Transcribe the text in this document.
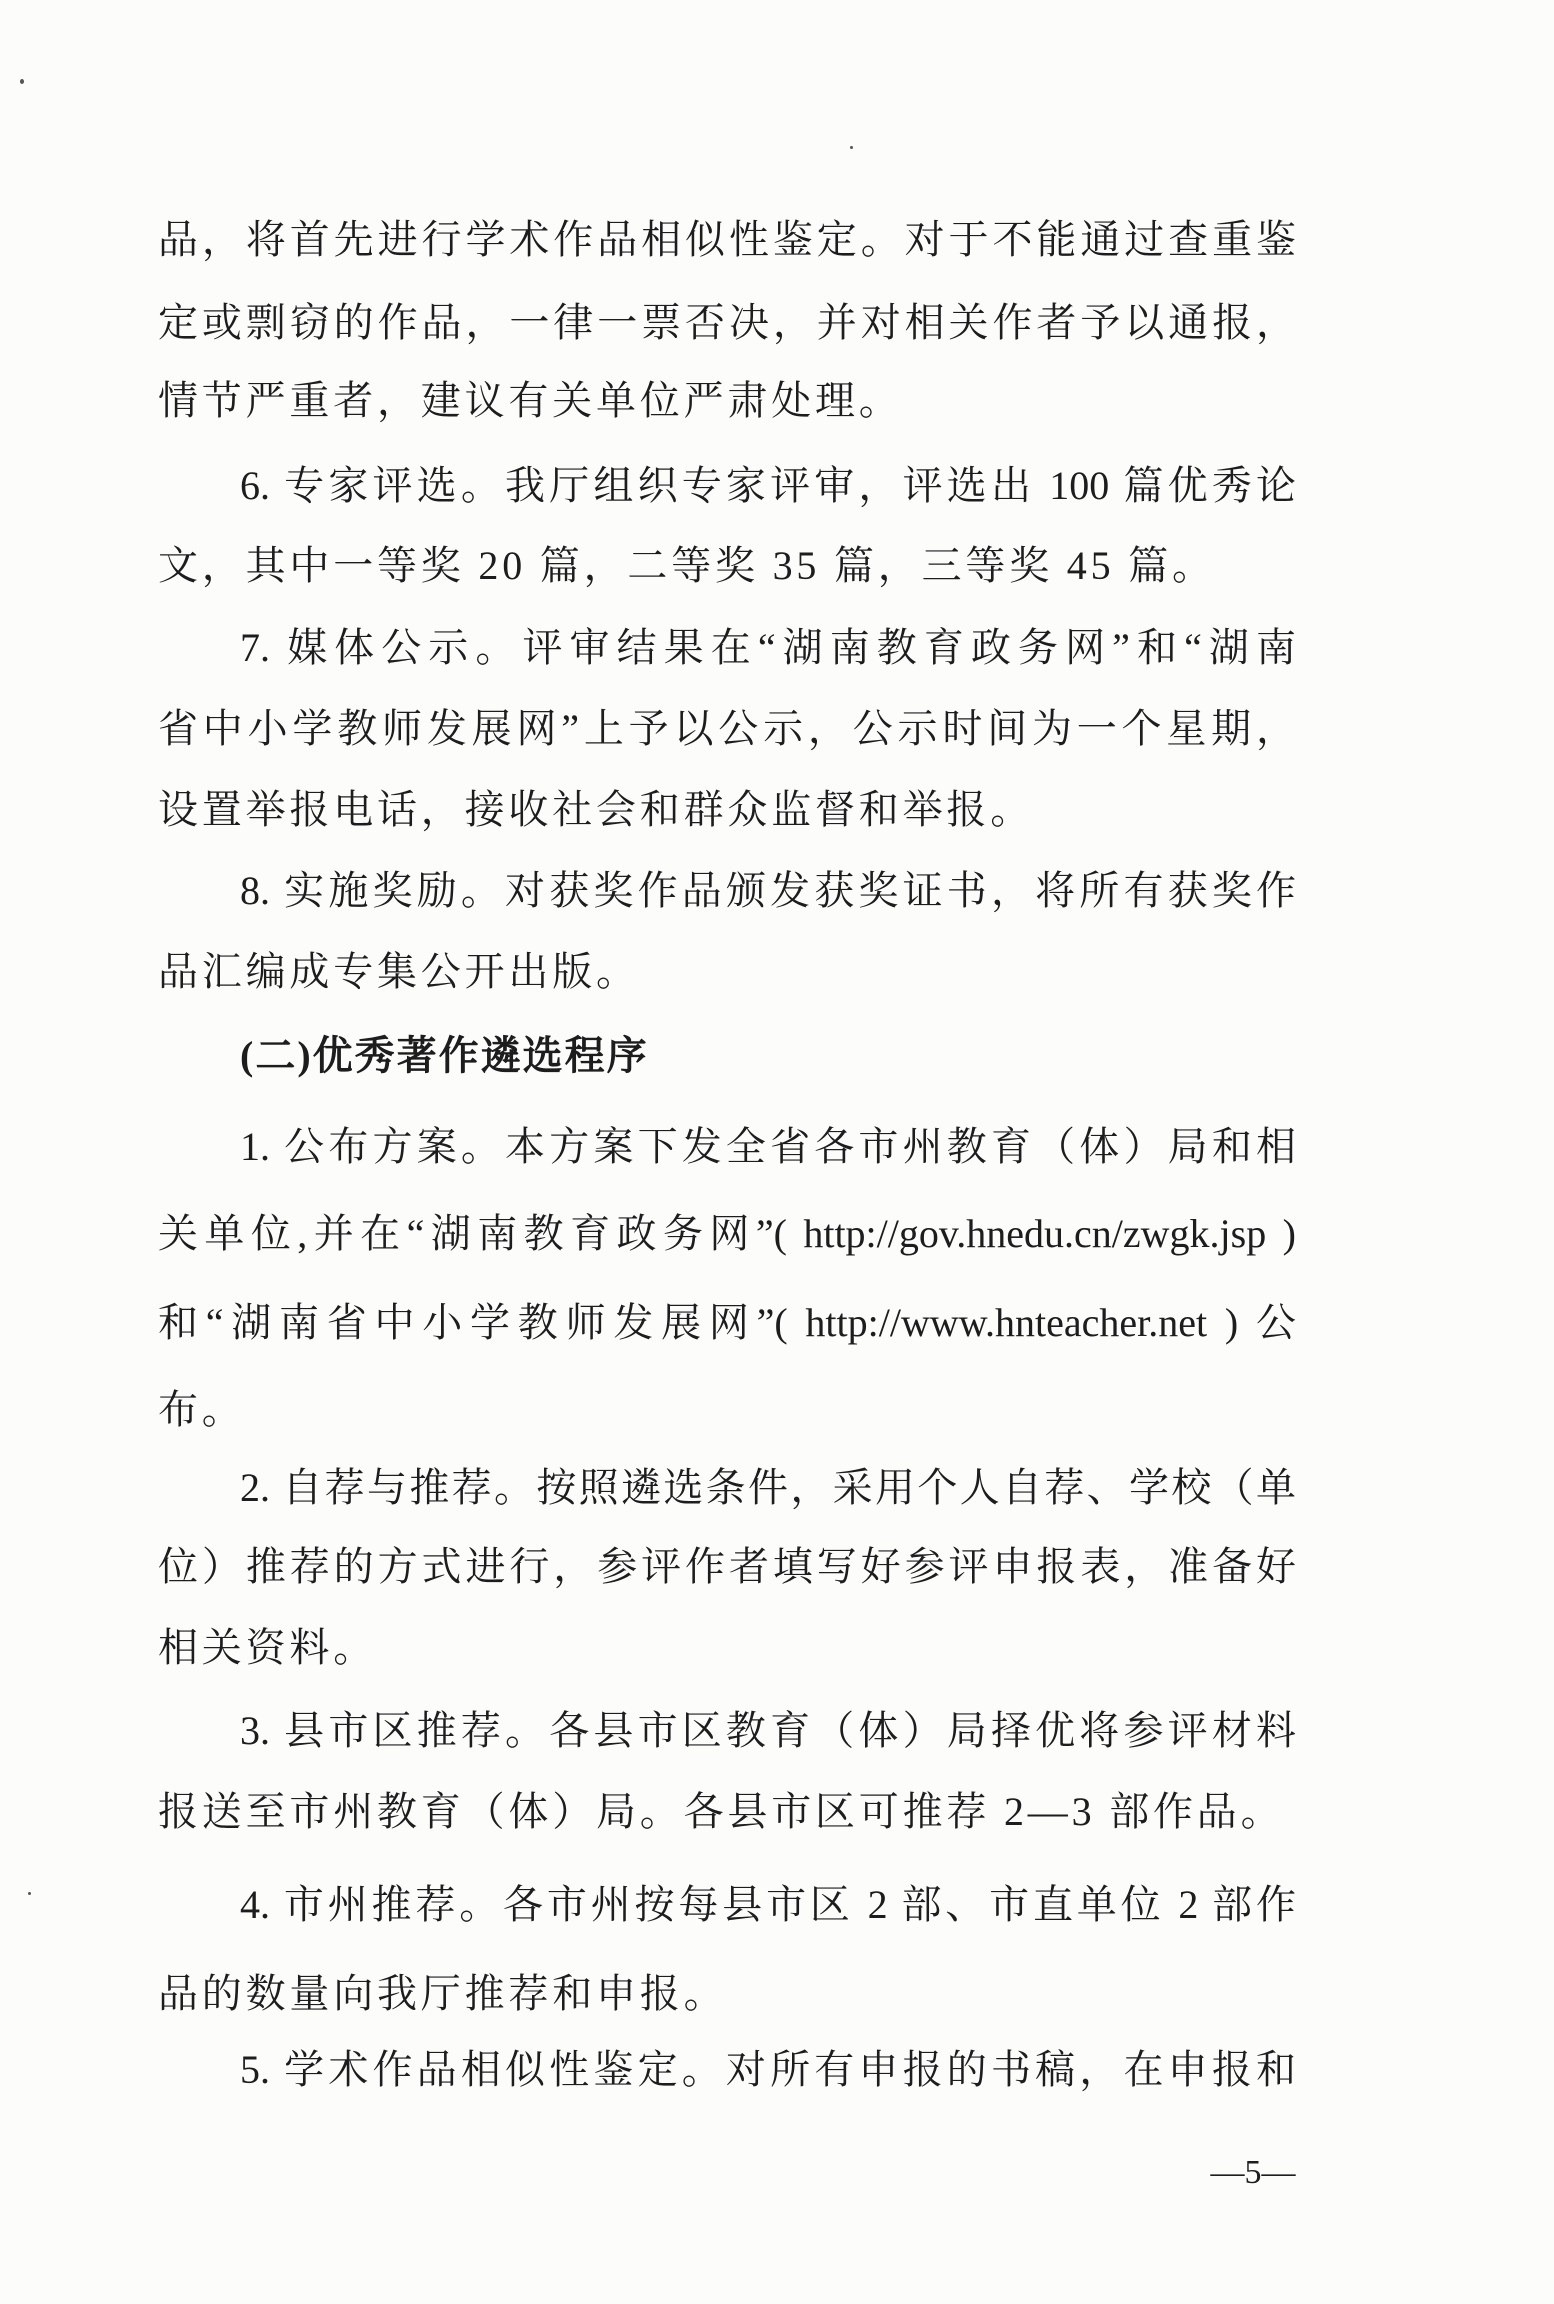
品，将首先进行学术作品相似性鉴定。对于不能通过查重鉴
定或剽窃的作品，一律一票否决，并对相关作者予以通报，
情节严重者，建议有关单位严肃处理。
6. 专家评选。我厅组织专家评审，评选出 100 篇优秀论
文，其中一等奖 20 篇，二等奖 35 篇，三等奖 45 篇。
7. 媒体公示。评审结果在“湖南教育政务网”和“湖南
省中小学教师发展网”上予以公示，公示时间为一个星期，
设置举报电话，接收社会和群众监督和举报。
8. 实施奖励。对获奖作品颁发获奖证书，将所有获奖作
品汇编成专集公开出版。
(二)优秀著作遴选程序
1. 公布方案。本方案下发全省各市州教育（体）局和相
关单位,并在“湖南教育政务网”( http://gov.hnedu.cn/zwgk.jsp )
和“湖南省中小学教师发展网”( http://www.hnteacher.net ) 公
布。
2. 自荐与推荐。按照遴选条件，采用个人自荐、学校（单
位）推荐的方式进行，参评作者填写好参评申报表，准备好
相关资料。
3. 县市区推荐。各县市区教育（体）局择优将参评材料
报送至市州教育（体）局。各县市区可推荐 2—3 部作品。
4. 市州推荐。各市州按每县市区 2 部、市直单位 2 部作
品的数量向我厅推荐和申报。
5. 学术作品相似性鉴定。对所有申报的书稿，在申报和
—5—
